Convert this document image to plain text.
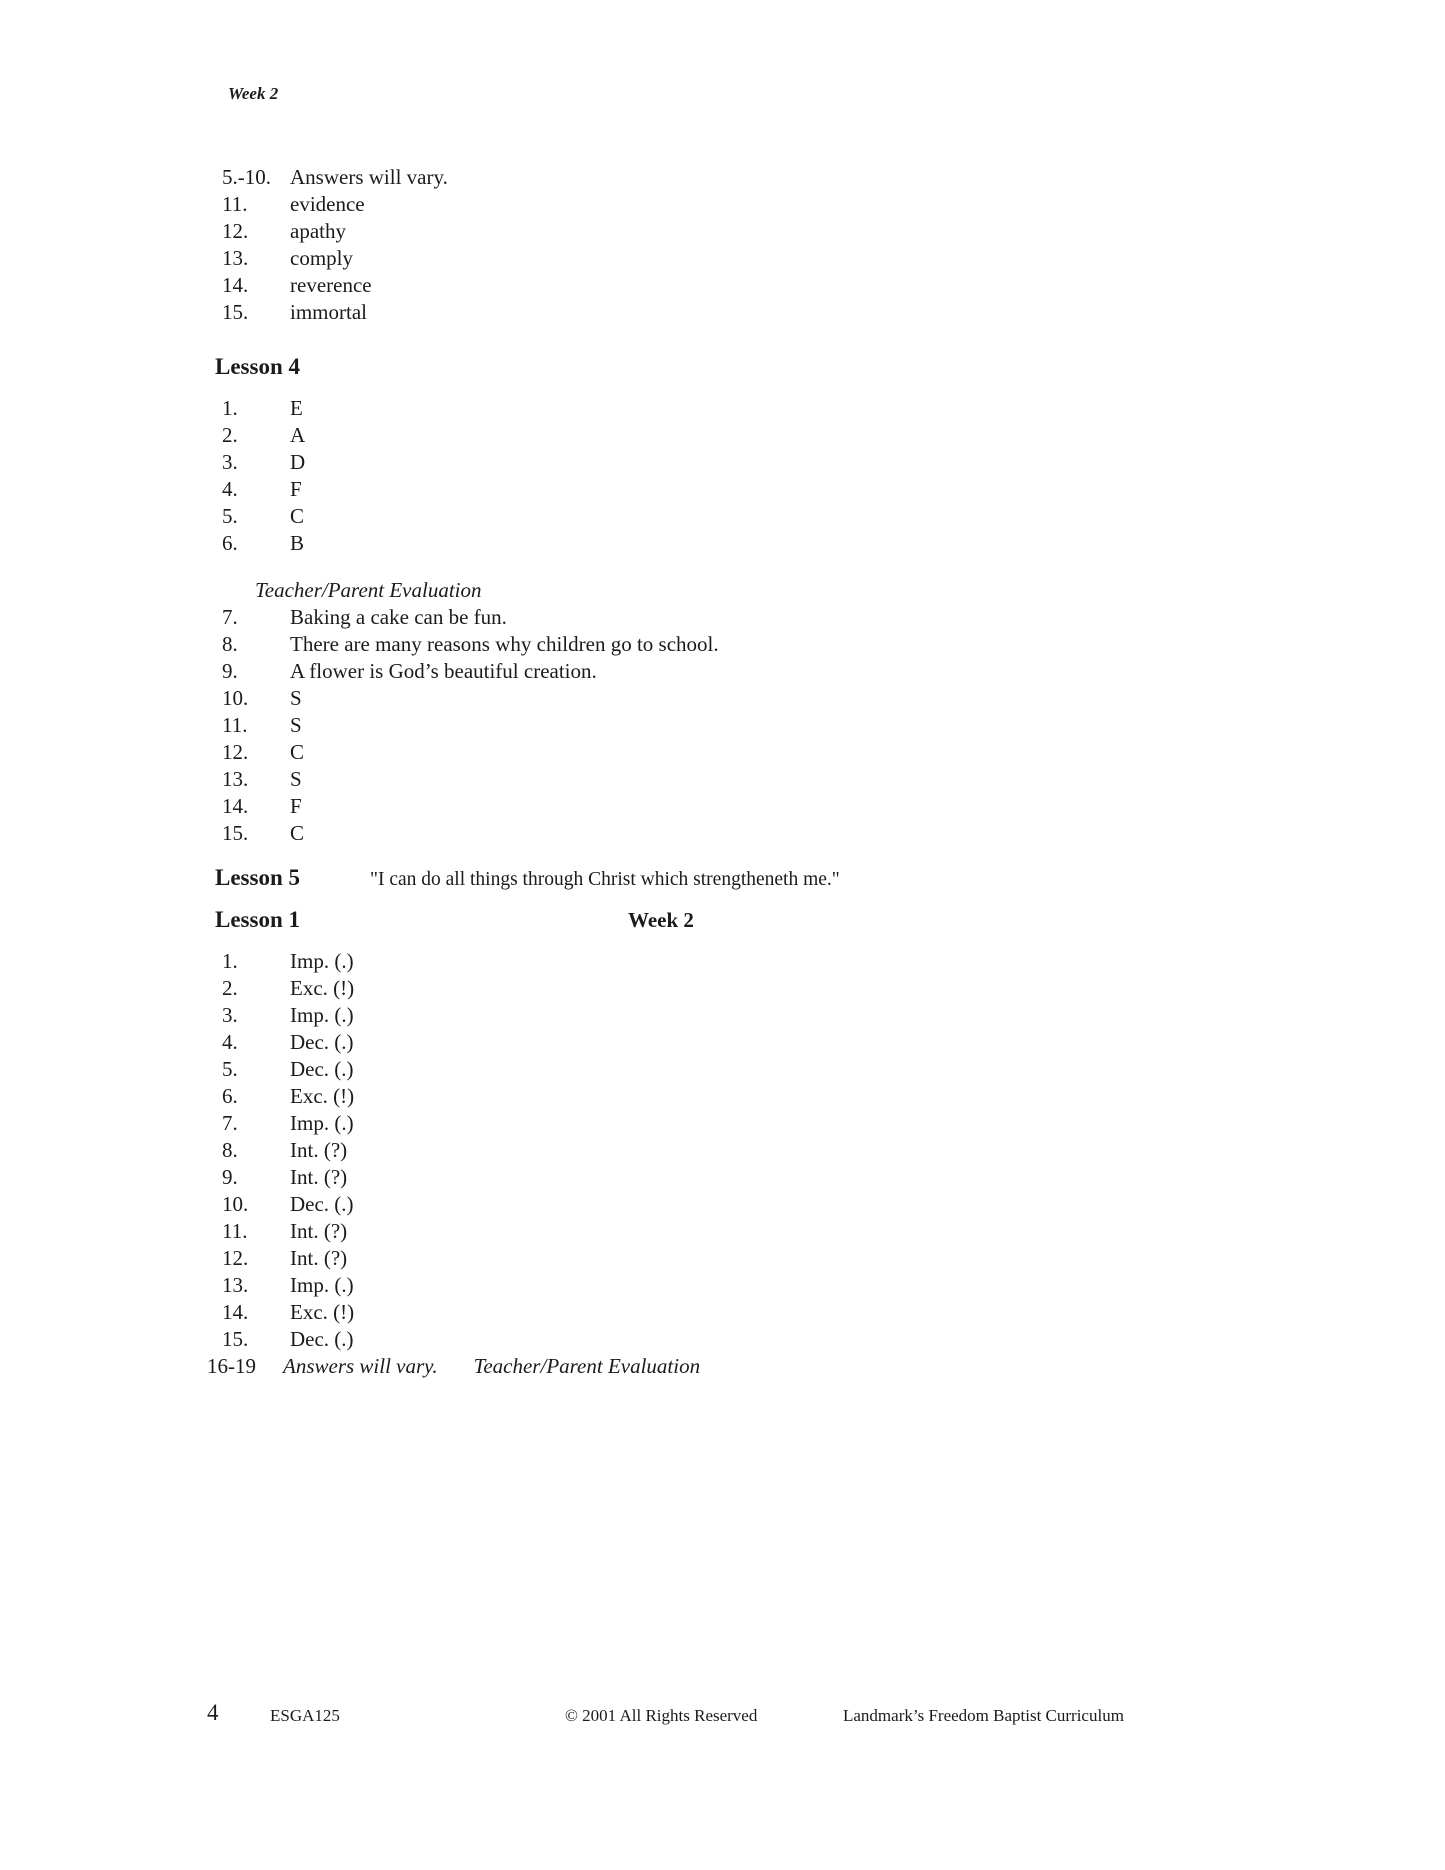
Week 2
5.-10. Answers will vary.
11.	evidence
12.	apathy
13.	comply
14.	reverence
15.	immortal
Lesson 4
1.	E
2.	A
3.	D
4.	F
5.	C
6.	B
Teacher/Parent Evaluation
7.	Baking a cake can be fun.
8.	There are many reasons why children go to school.
9.	A flower is God’s beautiful creation.
10.	S
11.	S
12.	C
13.	S
14.	F
15.	C
Lesson 5	"I can do all things through Christ which strengtheneth me."
Lesson 1	Week 2
1.	Imp. (.)
2.	Exc. (!)
3.	Imp. (.)
4.	Dec. (.)
5.	Dec. (.)
6.	Exc. (!)
7.	Imp. (.)
8.	Int. (?)
9.	Int. (?)
10.	Dec. (.)
11.	Int. (?)
12.	Int. (?)
13.	Imp. (.)
14.	Exc. (!)
15.	Dec. (.)
16-19	Answers will vary. Teacher/Parent Evaluation
4	ESGA125	© 2001 All Rights Reserved	Landmark’s Freedom Baptist Curriculum
